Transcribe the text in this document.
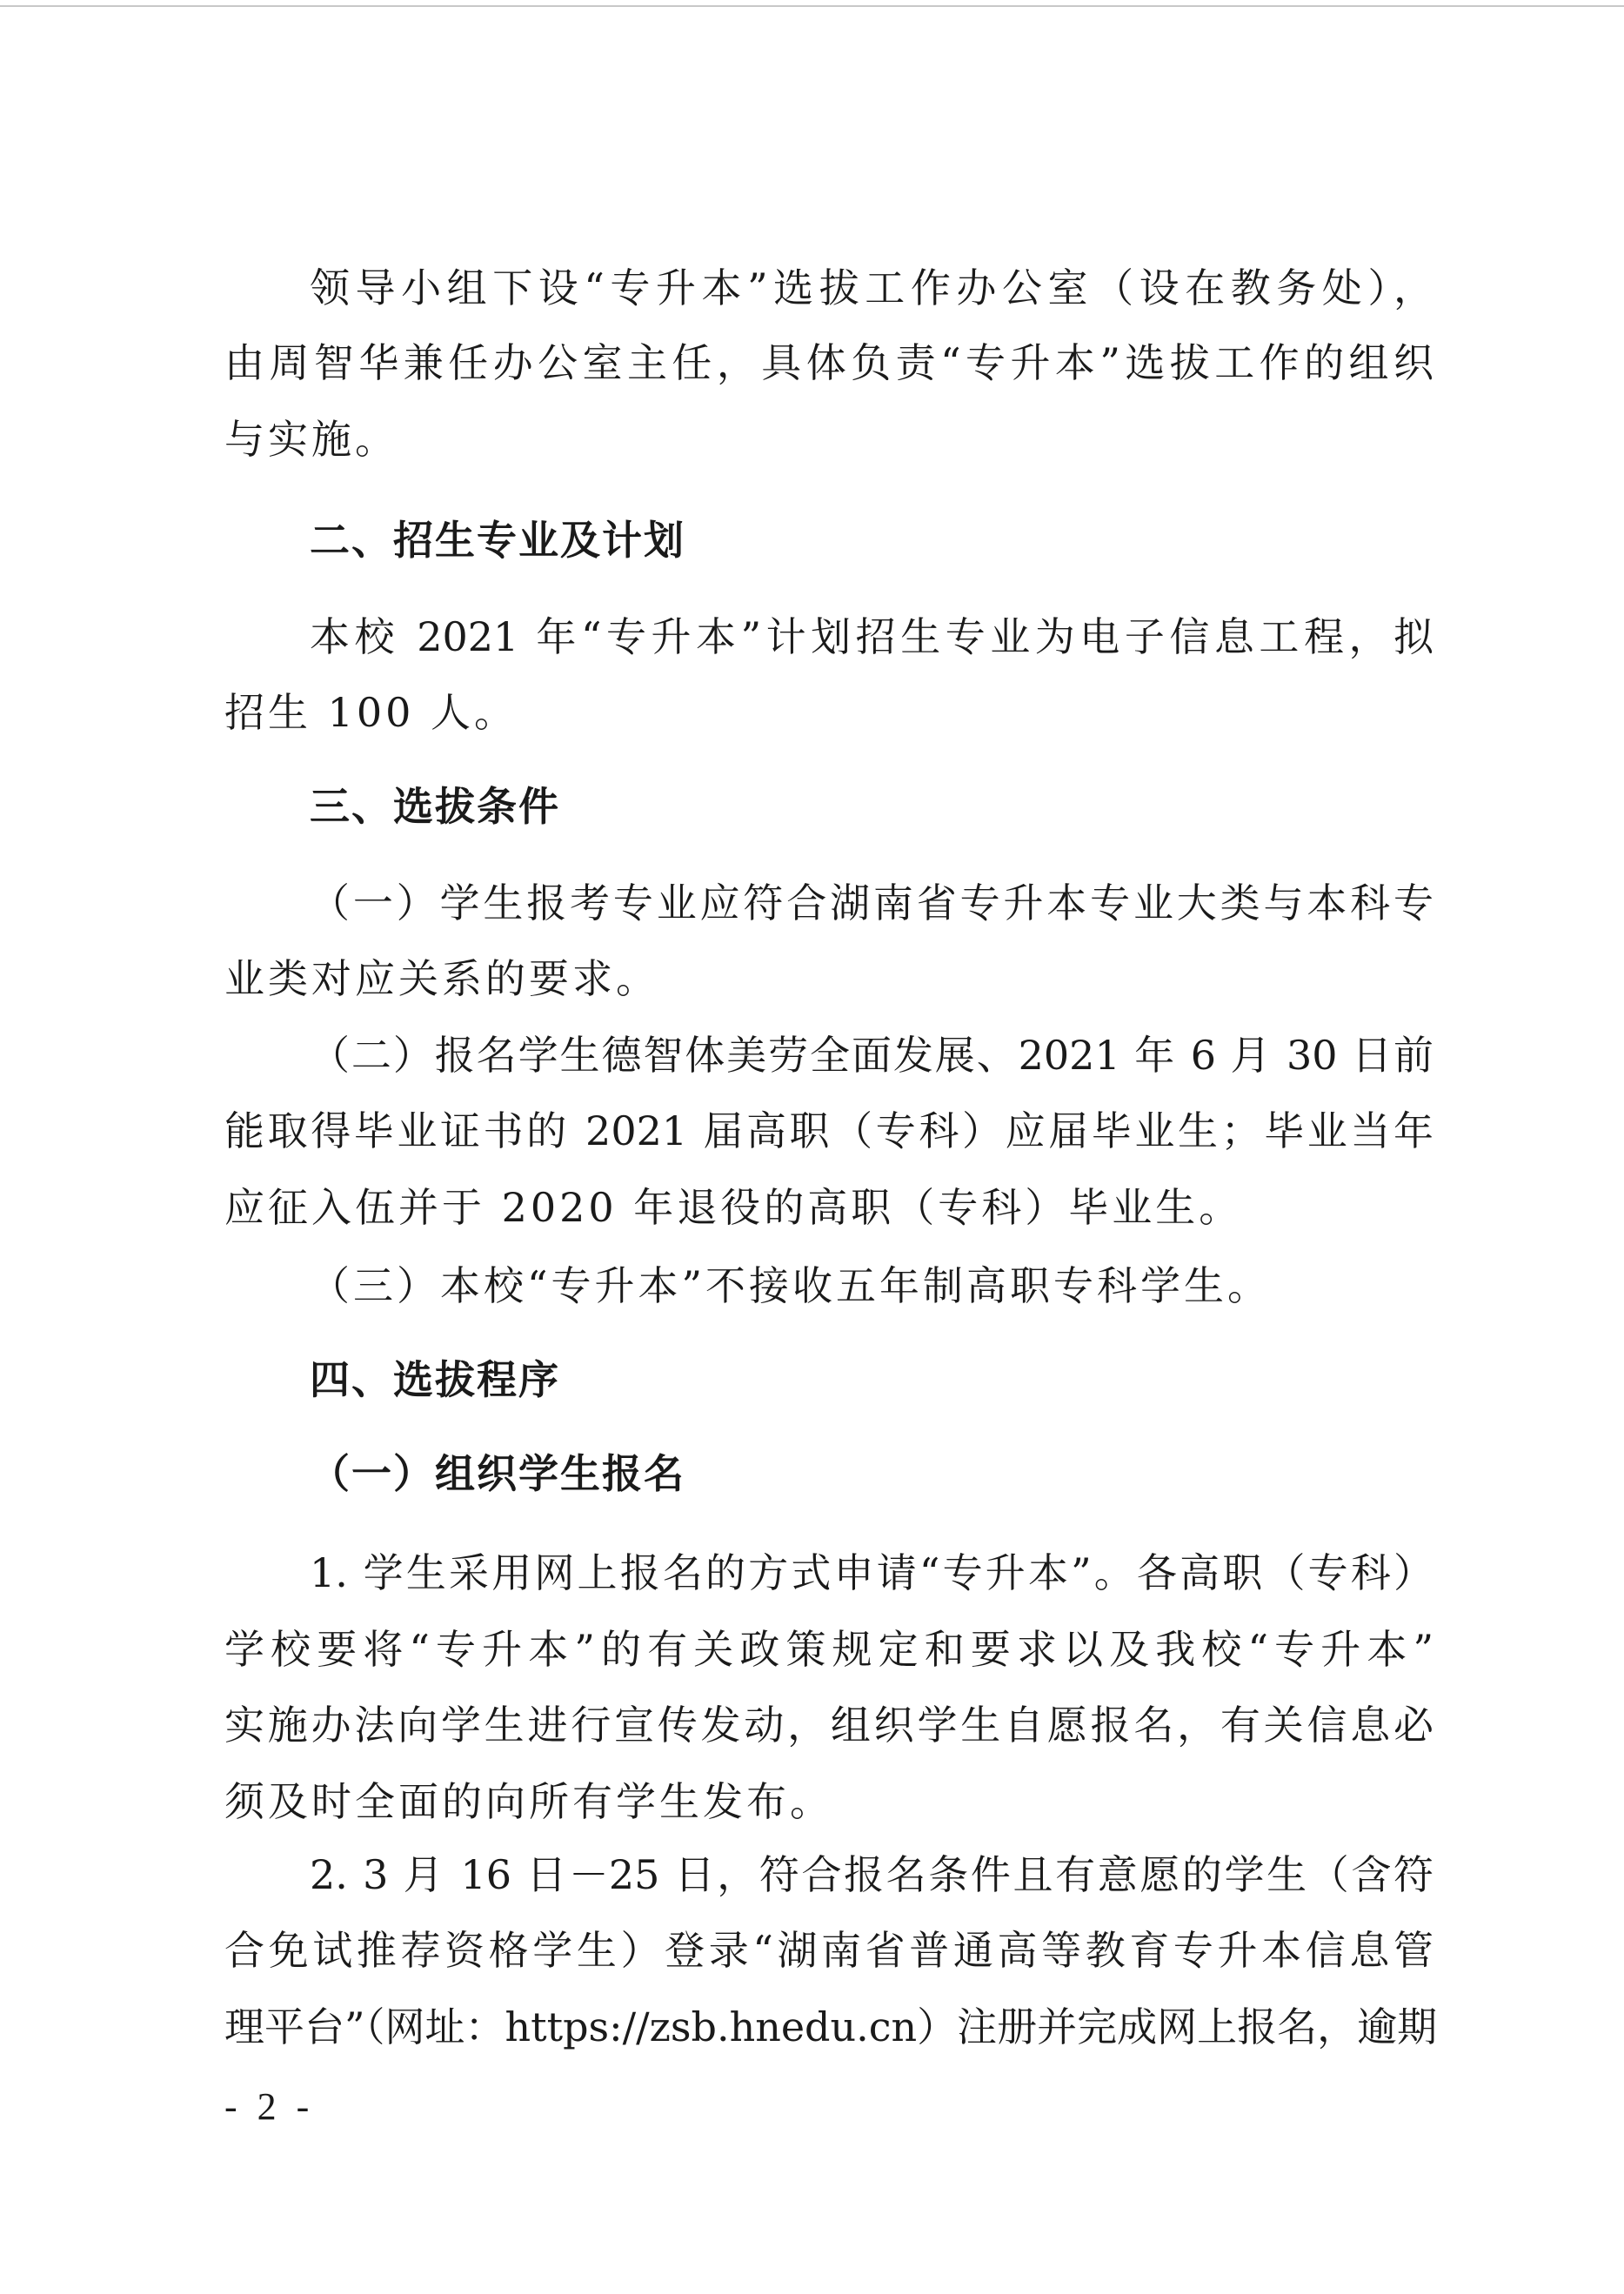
领导小组下设“专升本”选拔工作办公室（设在教务处），
由周智华兼任办公室主任，具体负责“专升本”选拔工作的组织
与实施。
二、招生专业及计划
本校 2021 年“专升本”计划招生专业为电子信息工程，拟
招生 100 人。
三、选拔条件
（一）学生报考专业应符合湖南省专升本专业大类与本科专
业类对应关系的要求。
（二）报名学生德智体美劳全面发展、2021 年 6 月 30 日前
能取得毕业证书的 2021 届高职（专科）应届毕业生；毕业当年
应征入伍并于 2020 年退役的高职（专科）毕业生。
（三）本校“专升本”不接收五年制高职专科学生。
四、选拔程序
（一）组织学生报名
1. 学生采用网上报名的方式申请“专升本”。各高职（专科）
学校要将“专升本”的有关政策规定和要求以及我校“专升本”
实施办法向学生进行宣传发动，组织学生自愿报名，有关信息必
须及时全面的向所有学生发布。
2. 3 月 16 日－25 日，符合报名条件且有意愿的学生（含符
合免试推荐资格学生）登录“湖南省普通高等教育专升本信息管
理平台”（网址：https://zsb.hnedu.cn）注册并完成网上报名，逾期
- 2 -
